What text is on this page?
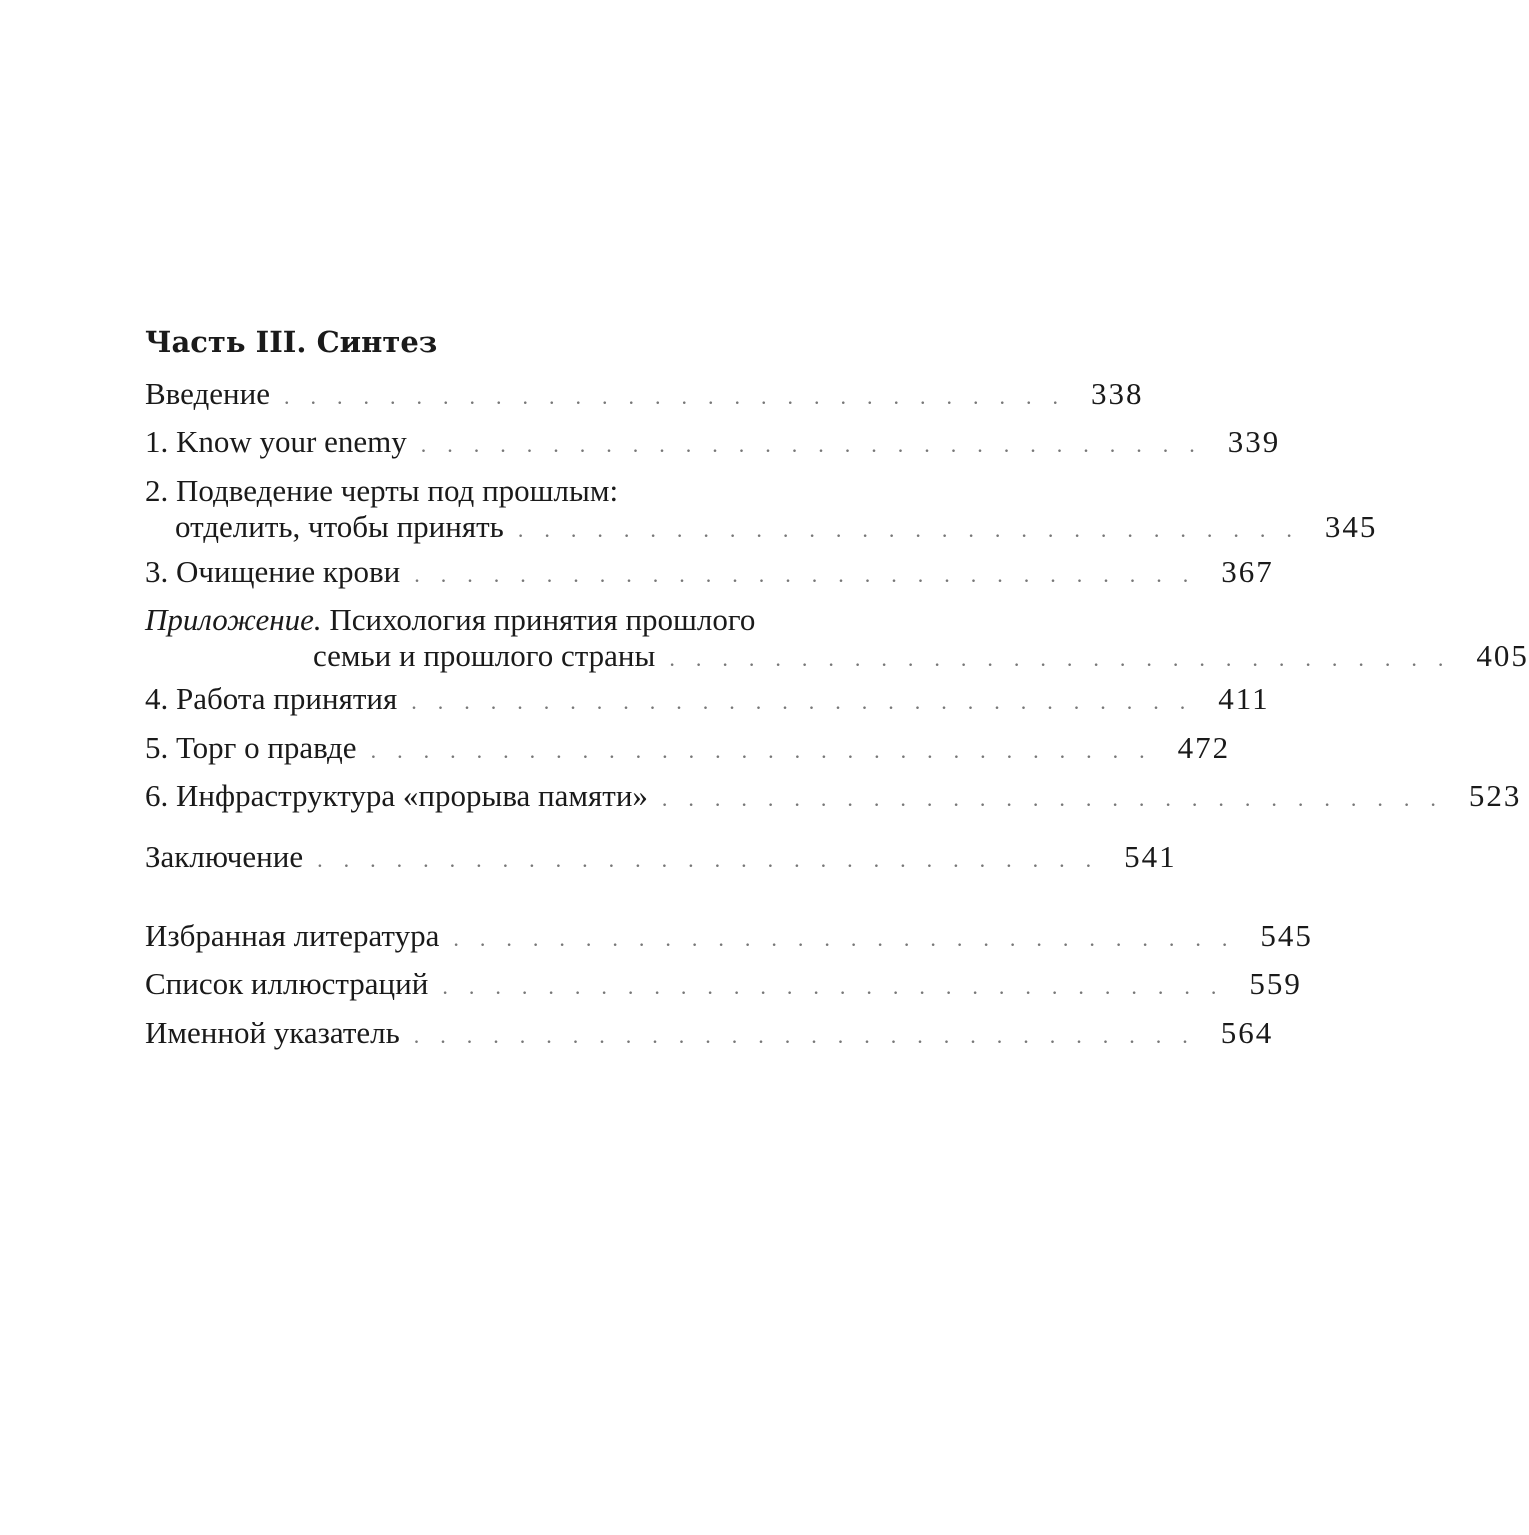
Часть III. Синтез
Введение .............................. 338
1. Know your enemy .............................. 339
2. Подведение черты под прошлым:
отделить, чтобы принять .............................. 345
3. Очищение крови .............................. 367
Приложение. Психология принятия прошлого
семьи и прошлого страны .............................. 405
4. Работа принятия .............................. 411
5. Торг о правде .............................. 472
6. Инфраструктура «прорыва памяти» .............................. 523
Заключение .............................. 541
Избранная литература .............................. 545
Список иллюстраций .............................. 559
Именной указатель .............................. 564
